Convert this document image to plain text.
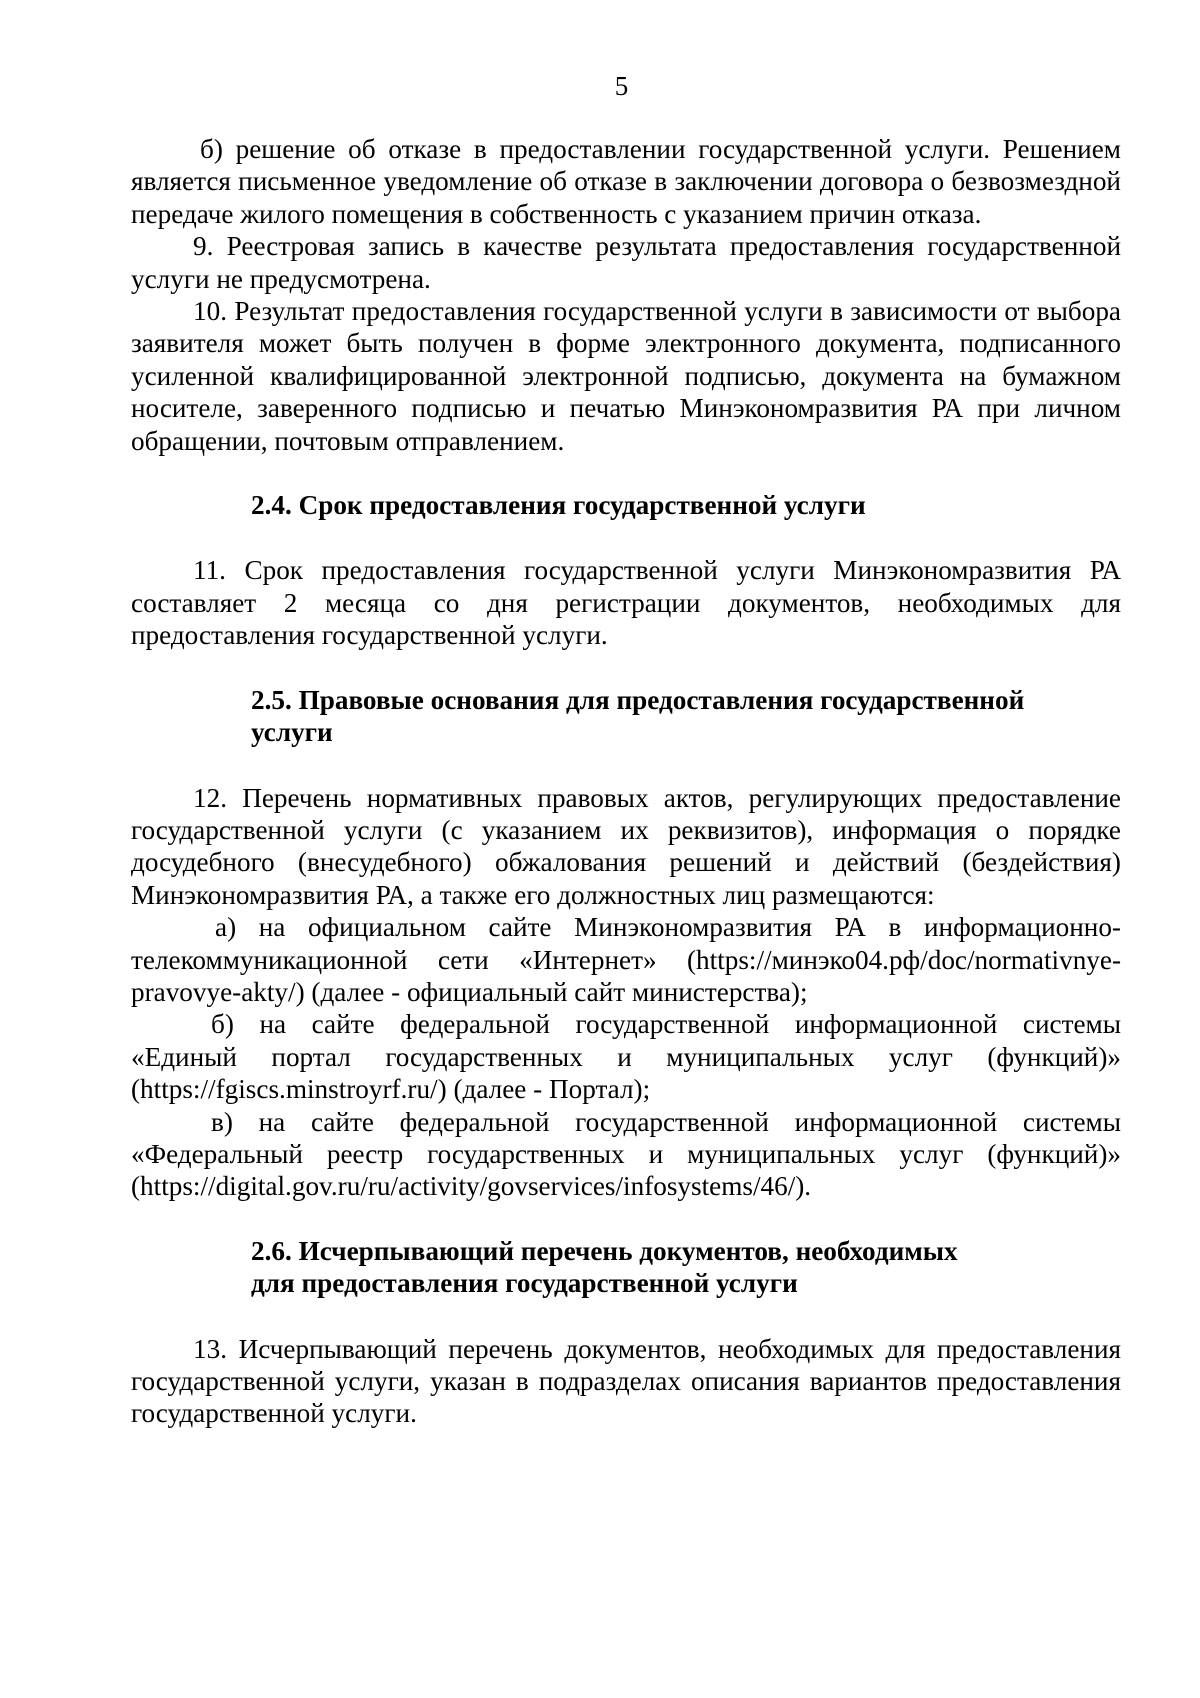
5

б) решение об отказе в предоставлении государственной услуги. Решением является письменное уведомление об отказе в заключении договора о безвозмездной передаче жилого помещения в собственность с указанием причин отказа.

9. Реестровая запись в качестве результата предоставления государственной услуги не предусмотрена.

10. Результат предоставления государственной услуги в зависимости от выбора заявителя может быть получен в форме электронного документа, подписанного усиленной квалифицированной электронной подписью, документа на бумажном носителе, заверенного подписью и печатью Минэкономразвития РА при личном обращении, почтовым отправлением.

2.4. Срок предоставления государственной услуги

11. Срок предоставления государственной услуги Минэкономразвития РА составляет 2 месяца со дня регистрации документов, необходимых для предоставления государственной услуги.

2.5. Правовые основания для предоставления государственной

услуги

12. Перечень нормативных правовых актов, регулирующих предоставление государственной услуги (с указанием их реквизитов), информация о порядке досудебного (внесудебного) обжалования решений и действий (бездействия) Минэкономразвития РА, а также его должностных лиц размещаются:

а) на официальном сайте Минэкономразвития РА в информационно-телекоммуникационной сети «Интернет» (https://минэко04.рф/doc/normativnye-pravovye-akty/) (далее - официальный сайт министерства);

б) на сайте федеральной государственной информационной системы «Единый портал государственных и муниципальных услуг (функций)» (https://fgiscs.minstroyrf.ru/) (далее - Портал);

в) на сайте федеральной государственной информационной системы «Федеральный реестр государственных и муниципальных услуг (функций)» (https://digital.gov.ru/ru/activity/govservices/infosystems/46/).

2.6. Исчерпывающий перечень документов, необходимых

для предоставления государственной услуги

13. Исчерпывающий перечень документов, необходимых для предоставления государственной услуги, указан в подразделах описания вариантов предоставления государственной услуги.
